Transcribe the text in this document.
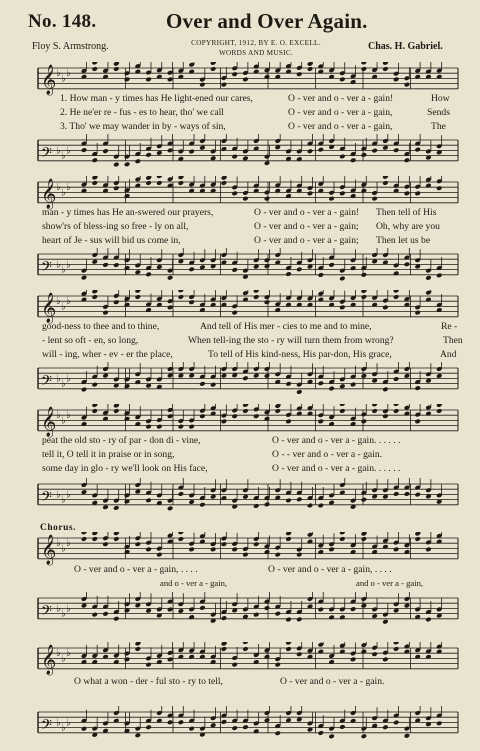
No. 148.	Over and Over Again.
Floy S. Armstrong.	COPYRIGHT, 1912, BY E. O. EXCELL.
WORDS AND MUSIC.
Chas. H. Gabriel.
𝄞 ♭ ♭ ♭
1. How man - y times has He light-ened our cares,	O - ver and o - ver a - gain!	How
2. He ne'er re - fus - es to hear, tho' we call	O - ver and o - ver a - gain,	Sends
3. Tho' we may wander in by - ways of sin,	O - ver and o - ver a - gain,	The
𝄢 ♭ ♭ ♭
𝄞 ♭ ♭ ♭
man - y times has He an-swered our prayers,	O - ver and o - ver a - gain! Then tell of His
show'rs of bless-ing so free - ly on all,	O - ver and o - ver a - gain; Oh, why are you
heart of Je - sus will bid us come in,	O - ver and o - ver a - gain; Then let us be
𝄢 ♭ ♭ ♭
𝄞 ♭ ♭ ♭
good-ness to thee and to thine,	And tell of His mer - cies to me and to mine,	Re -
- lent so oft - en, so long,	When tell-ing the sto - ry will turn them from wrong?	Then
will - ing, wher - ev - er the place,	To tell of His kind-ness, His par-don, His grace,	And
𝄢 ♭ ♭ ♭
𝄞 ♭ ♭ ♭
peat the old sto - ry of par - don di - vine,	O - ver and o - ver a - gain. . . . . .
tell it, O tell it in praise or in song,	O - - ver and o - ver a - gain.
some day in glo - ry we'll look on His face,	O - ver and o - ver a - gain. . . . . .
𝄢 ♭ ♭ ♭
Chorus.
𝄞 ♭ ♭ ♭
O - ver and o - ver a - gain, . . . .	O - ver and o - ver a - gain, . . . .
and o - ver a - gain,	and o - ver a - gain,
𝄢 ♭ ♭ ♭
𝄞 ♭ ♭ ♭
O what a won - der - ful sto - ry to tell,	O - ver and o - ver a - gain.
𝄢 ♭ ♭ ♭
